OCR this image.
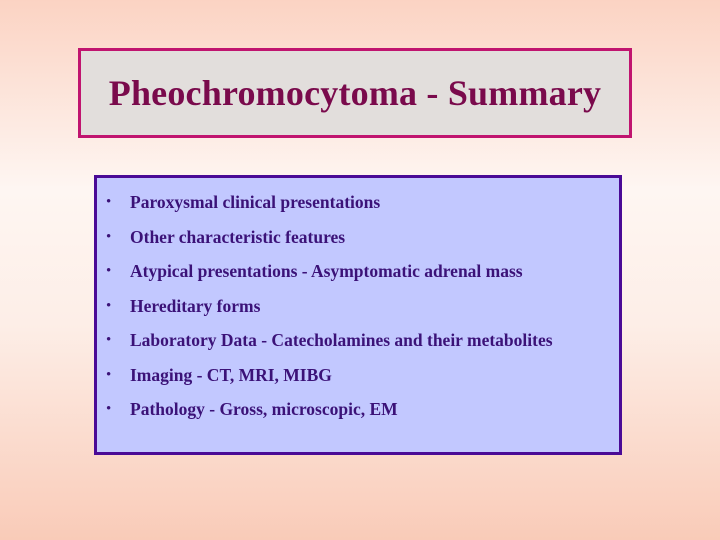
Pheochromocytoma - Summary
• Paroxysmal clinical presentations
• Other characteristic features
• Atypical presentations - Asymptomatic adrenal mass
• Hereditary forms
• Laboratory Data - Catecholamines and their metabolites
• Imaging - CT, MRI, MIBG
• Pathology - Gross, microscopic, EM
